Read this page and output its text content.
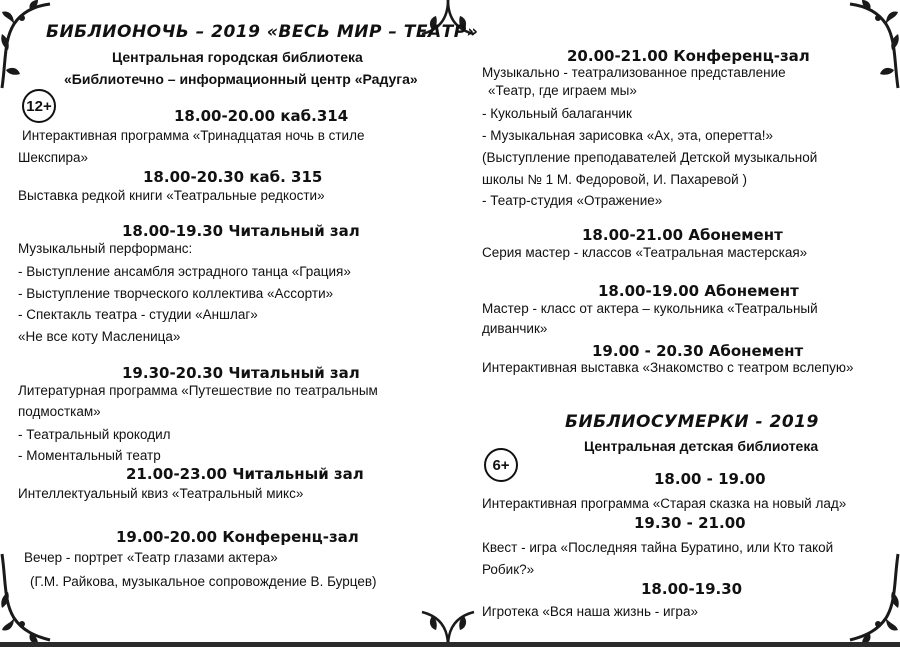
БИБЛИОНОЧЬ – 2019 «ВЕСЬ МИР – ТЕАТР»
Центральная городская библиотека
«Библиотечно – информационный центр «Радуга»
12+
18.00-20.00 каб.314
Интерактивная программа «Тринадцатая ночь в стиле
Шекспира»
18.00-20.30 каб. 315
Выставка редкой книги «Театральные редкости»
18.00-19.30 Читальный зал
Музыкальный перформанс:
- Выступление ансамбля эстрадного танца «Грация»
- Выступление творческого коллектива «Ассорти»
- Спектакль театра - студии «Аншлаг»
«Не все коту Масленица»
19.30-20.30 Читальный зал
Литературная программа «Путешествие по театральным
подмосткам»
- Театральный крокодил
- Моментальный театр
21.00-23.00 Читальный зал
Интеллектуальный квиз «Театральный микс»
19.00-20.00 Конференц-зал
Вечер - портрет «Театр глазами актера»
(Г.М. Райкова, музыкальное сопровождение В. Бурцев)
20.00-21.00 Конференц-зал
Музыкально - театрализованное представление
«Театр, где играем мы»
- Кукольный балаганчик
- Музыкальная зарисовка «Ах, эта, оперетта!»
(Выступление преподавателей Детской музыкальной
школы № 1 М. Федоровой, И. Пахаревой )
- Театр-студия «Отражение»
18.00-21.00 Абонемент
Серия мастер - классов «Театральная мастерская»
18.00-19.00 Абонемент
Мастер - класс от актера – кукольника «Театральный
диванчик»
19.00 - 20.30 Абонемент
Интерактивная выставка «Знакомство с театром вслепую»
БИБЛИОСУМЕРКИ - 2019
Центральная детская библиотека
6+
18.00 - 19.00
Интерактивная программа «Старая сказка на новый лад»
19.30 - 21.00
Квест - игра «Последняя тайна Буратино, или Кто такой
Робик?»
18.00-19.30
Игротека «Вся наша жизнь - игра»
